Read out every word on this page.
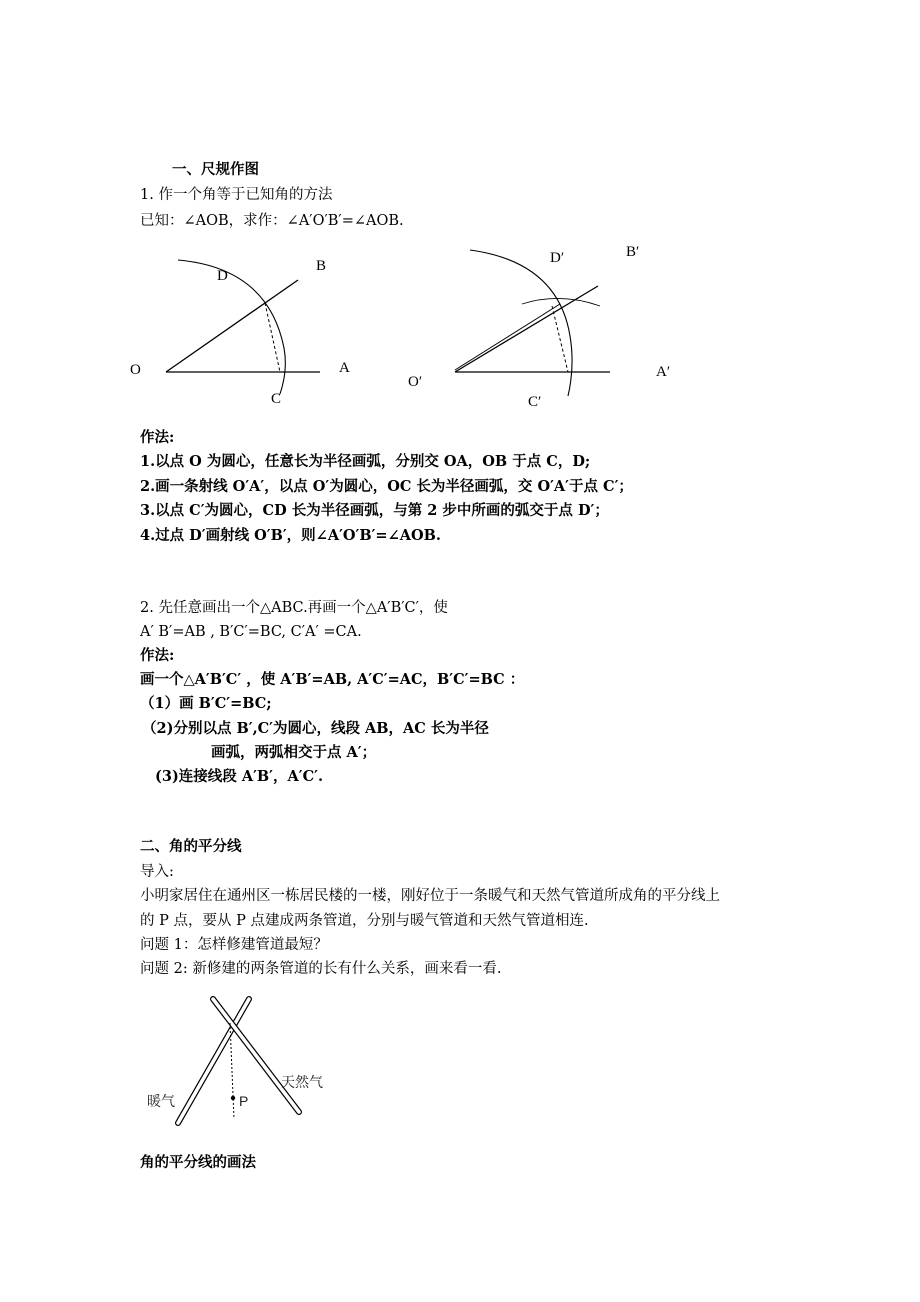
一、尺规作图
1. 作一个角等于已知角的方法
已知：∠AOB，求作：∠A′O′B′=∠AOB.
O	A
B
C
D
O′
A′
B′
C′
D′
作法:
1.以点 O 为圆心，任意长为半径画弧，分别交 OA，OB 于点 C，D;
2.画一条射线 O′A′，以点 O′为圆心，OC 长为半径画弧，交 O′A′于点 C′；
3.以点 C′为圆心，CD 长为半径画弧，与第 2 步中所画的弧交于点 D′；
4.过点 D′画射线 O′B′，则∠A′O′B′=∠AOB.
2. 先任意画出一个△ABC.再画一个△A′B′C′，使
A′ B′=AB , B′C′=BC, C′A′ =CA.
作法:
画一个△A′B′C′ ，使 A′B′=AB, A′C′=AC，B′C′=BC ：
（1）画 B′C′=BC;
（2)分别以点 B′,C′为圆心，线段 AB，AC 长为半径
画弧，两弧相交于点 A′；
(3)连接线段 A′B′，A′C′.
二、角的平分线
导入:
小明家居住在通州区一栋居民楼的一楼，刚好位于一条暖气和天然气管道所成角的平分线上
的 P 点，要从 P 点建成两条管道，分别与暖气管道和天然气管道相连.
问题 1：怎样修建管道最短？
问题 2: 新修建的两条管道的长有什么关系，画来看一看.
暖气
天然气
P
角的平分线的画法
